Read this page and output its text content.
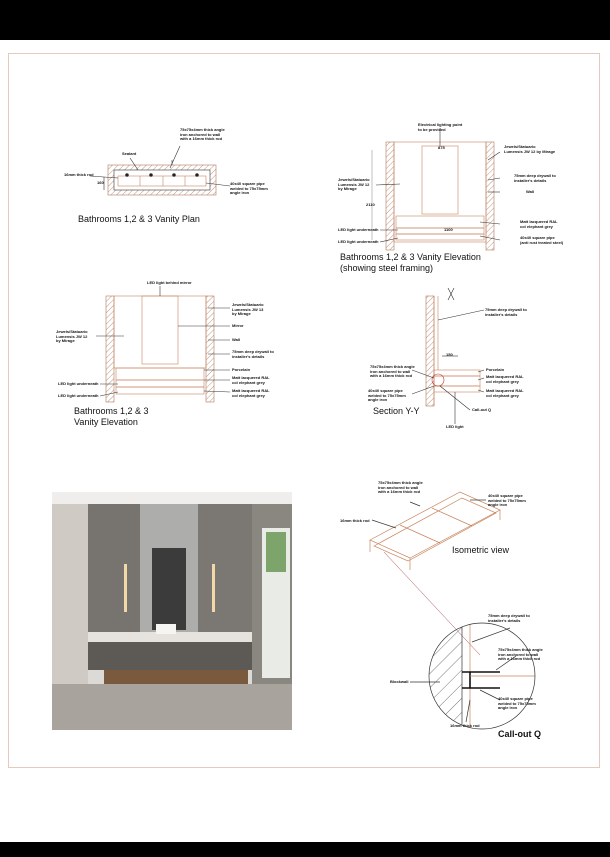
Bathrooms 1,2 & 3 Vanity Plan
Bathrooms 1,2 & 3 Vanity Elevation
(showing steel framing)
Bathrooms 1,2 & 3
Vanity Elevation
Section Y-Y
Isometric view
Call-out Q
75x75x4mm thick angle
iron anchored to wall
with a 16mm thick rod
Sealant
16mm thick rod
40x40 square pipe
welded to 75x75mm
angle iron
160
Electrical lighting point
to be provided
Jewels/Statuario
Lumensis JW 12 by Mirage
Jewels/Statuario
Lumensis JW 12
by Mirage
75mm deep drywall to
installer's details
Wall
Matt lacquered RAL
col elephant grey
40x40 square pipe
(anti rust treated steel)
LED light underneath
LED light underneath
2110
875
1100
LED light behind mirror
Jewels/Statuario
Lumensis JW 13
by Mirage
Jewels/Statuario
Lumensis JW 12
by Mirage
Mirror
Wall
75mm deep drywall to
installer's details
Porcelain
Matt lacquered RAL
col elephant grey
Matt lacquered RAL
col elephant grey
LED light underneath
LED light underneath
75mm deep drywall to
installer's details
75x75x4mm thick angle
iron anchored to wall
with a 16mm thick rod
40x40 square pipe
welded to 75x75mm
angle iron
Porcelain
Matt lacquered RAL
col elephant grey
Matt lacquered RAL
col elephant grey
Call-out Q
LED light
150
75x75x4mm thick angle
iron anchored to wall
with a 16mm thick rod
40x40 square pipe
welded to 75x75mm
angle iron
16mm thick rod
75mm deep drywall to
installer's details
75x75x4mm thick angle
iron anchored to wall
with a 16mm thick rod
Blockwall
40x40 square pipe
welded to 75x75mm
angle iron
16mm thick rod
